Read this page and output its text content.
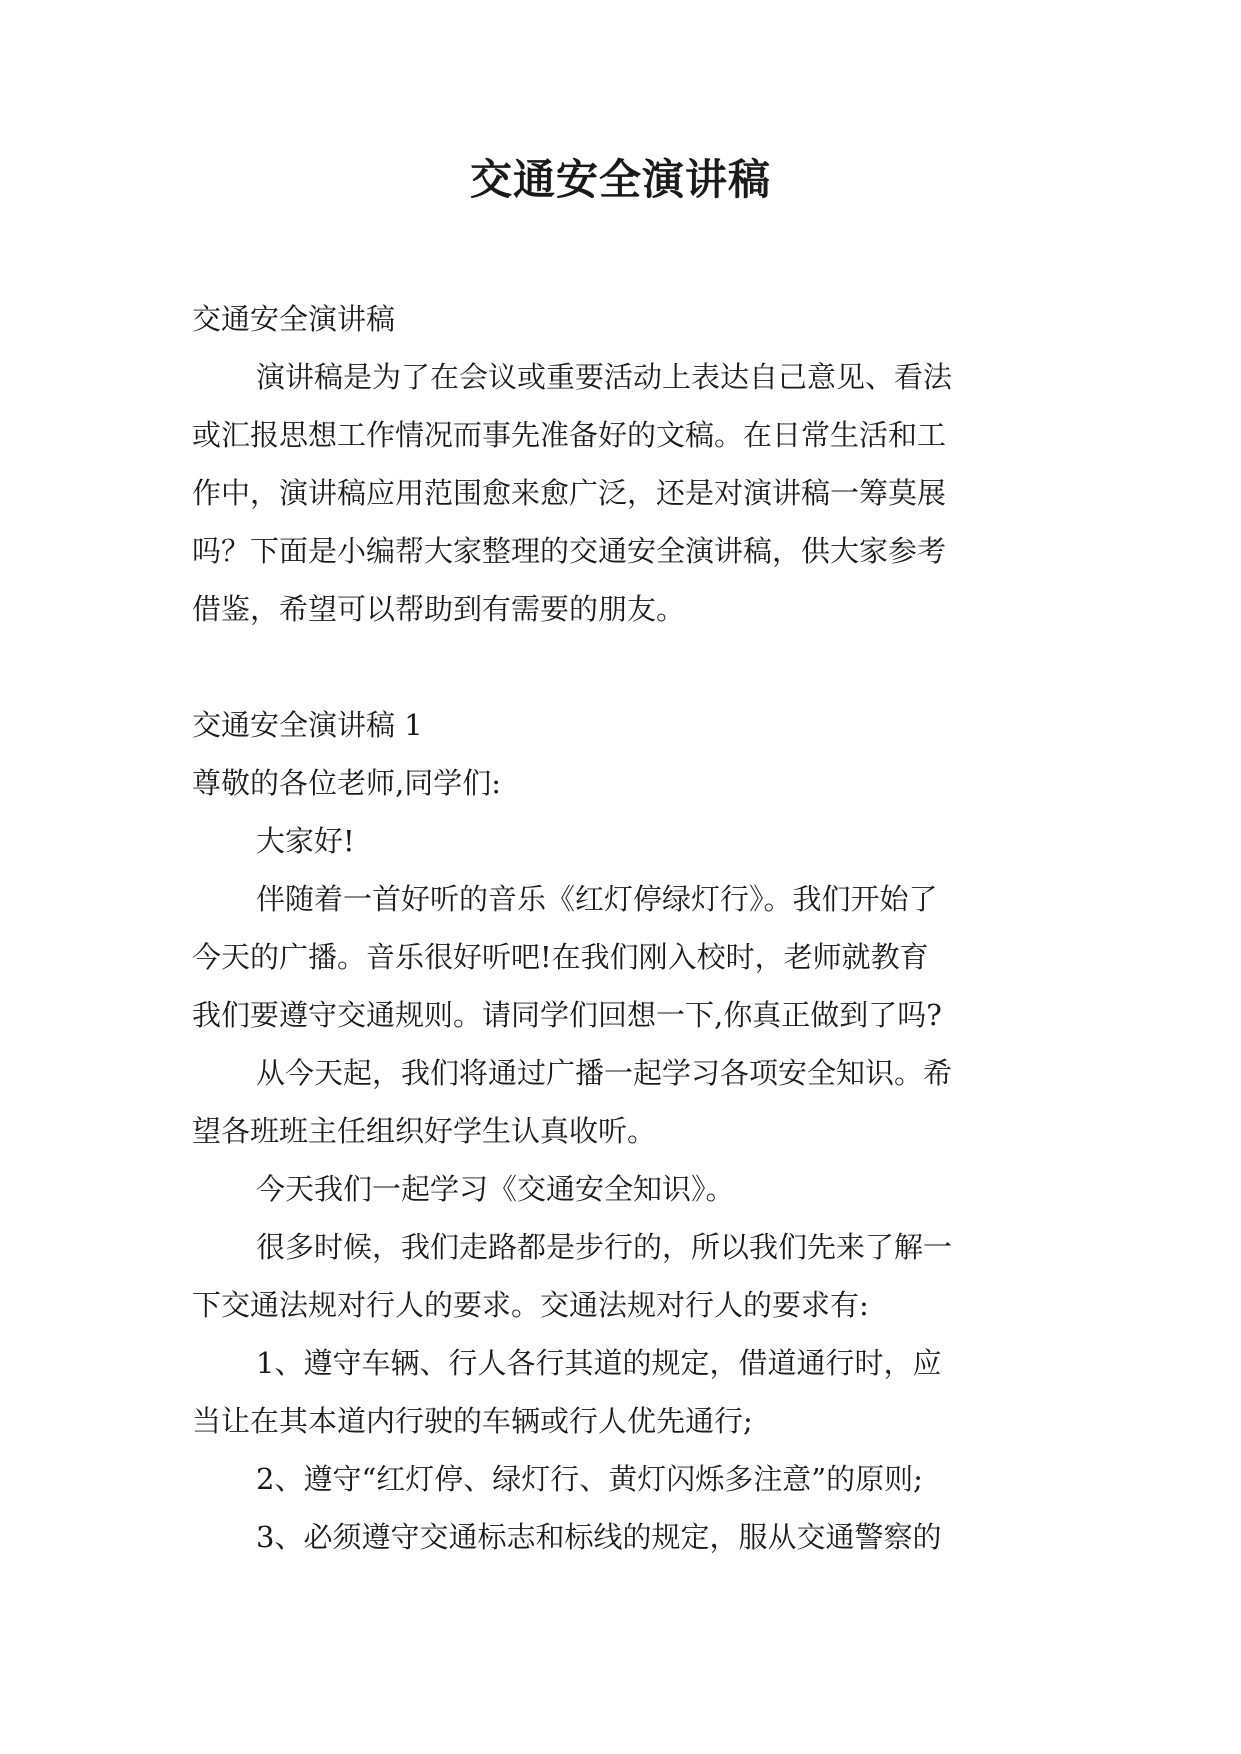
交通安全演讲稿
交通安全演讲稿
演讲稿是为了在会议或重要活动上表达自己意见、看法
或汇报思想工作情况而事先准备好的文稿。在日常生活和工
作中，演讲稿应用范围愈来愈广泛，还是对演讲稿一筹莫展
吗？下面是小编帮大家整理的交通安全演讲稿，供大家参考
借鉴，希望可以帮助到有需要的朋友。
交通安全演讲稿 1
尊敬的各位老师,同学们:
大家好!
伴随着一首好听的音乐《红灯停绿灯行》。我们开始了
今天的广播。音乐很好听吧!在我们刚入校时，老师就教育
我们要遵守交通规则。请同学们回想一下,你真正做到了吗?
从今天起，我们将通过广播一起学习各项安全知识。希
望各班班主任组织好学生认真收听。
今天我们一起学习《交通安全知识》。
很多时候，我们走路都是步行的，所以我们先来了解一
下交通法规对行人的要求。交通法规对行人的要求有:
1、遵守车辆、行人各行其道的规定，借道通行时，应
当让在其本道内行驶的车辆或行人优先通行;
2、遵守“红灯停、绿灯行、黄灯闪烁多注意”的原则;
3、必须遵守交通标志和标线的规定，服从交通警察的
